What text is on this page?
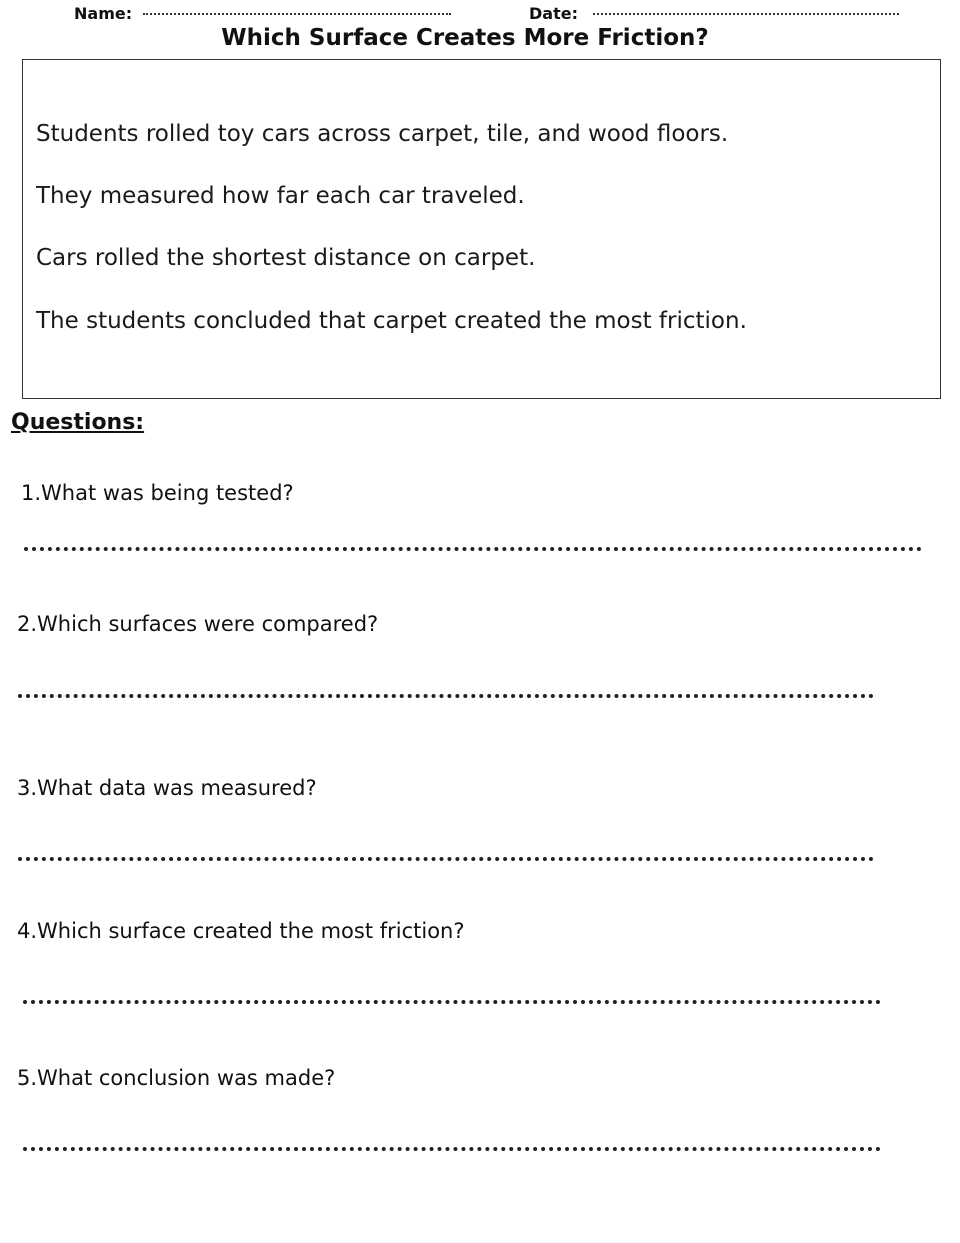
Name:	Date:
Which Surface Creates More Friction?
Students rolled toy cars across carpet, tile, and wood floors.
They measured how far each car traveled.
Cars rolled the shortest distance on carpet.
The students concluded that carpet created the most friction.
Questions:
1.What was being tested?
2.Which surfaces were compared?
3.What data was measured?
4.Which surface created the most friction?
5.What conclusion was made?
